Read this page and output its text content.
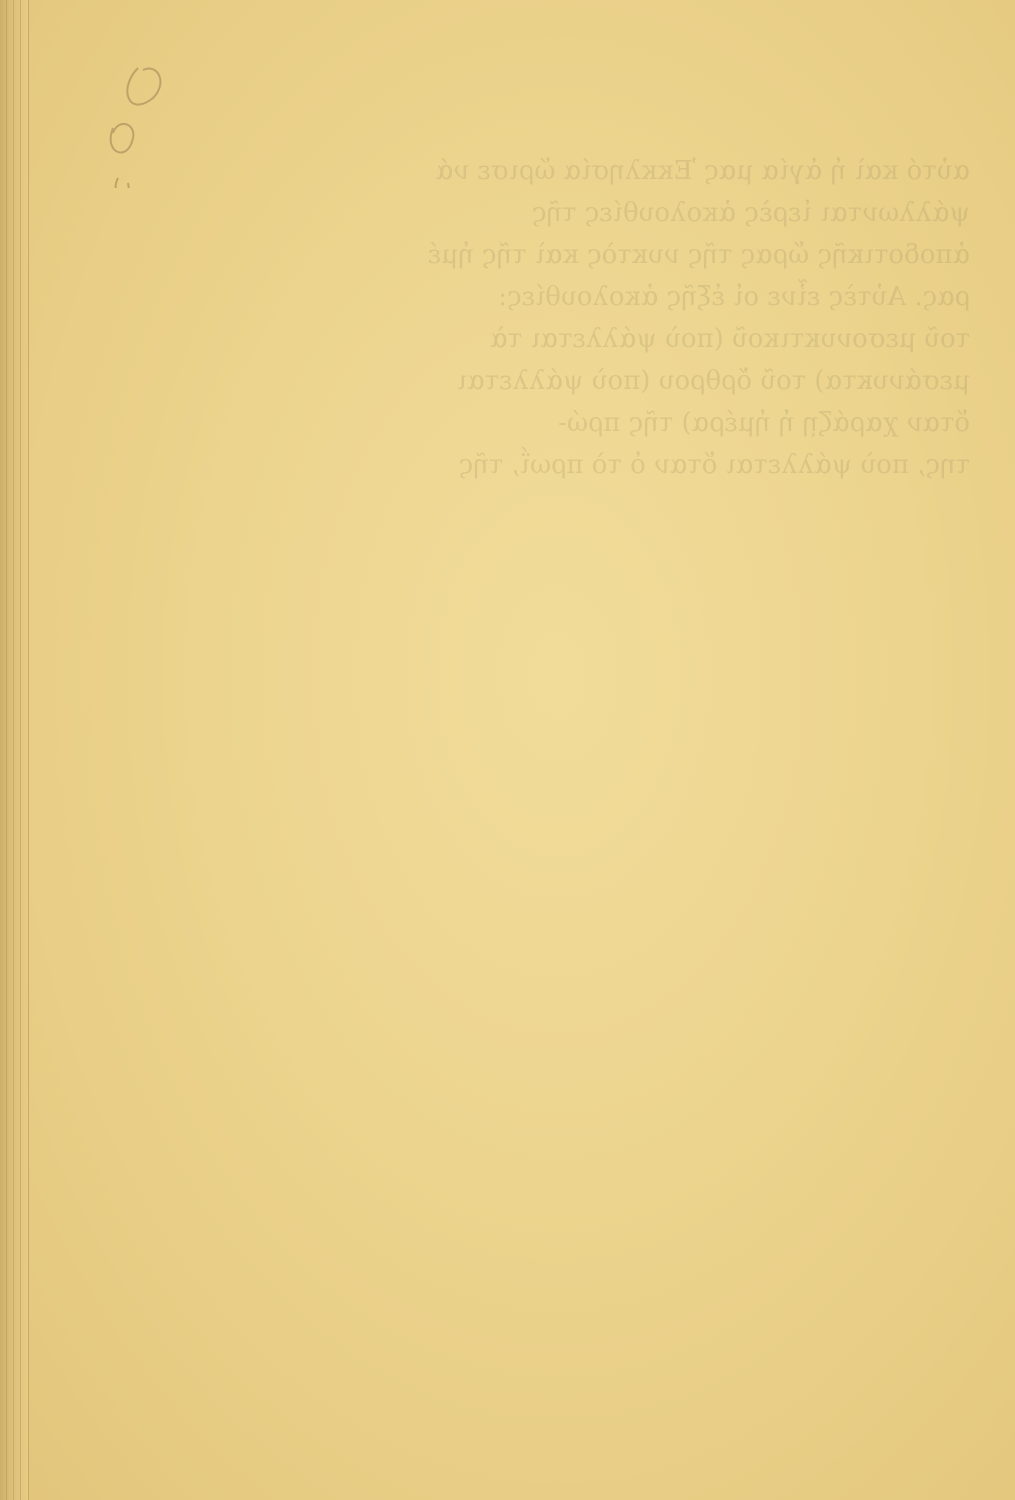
αὐτό καὶ ἡ ἁγία μας Ἐκκλησία ὥρισε νά
ψάλλωνται ἱερὲς ἀκολουθίες τῆς
ἀποδοτικῆς ὥρας τῆς νυκτὸς καὶ τῆς ἡμέ
ρας. Αὐτὲς εἶνε οἱ ἑξῆς ἀκολουθίες:
τοῦ μεσονυκτικοῦ (ποὺ ψάλλεται τὰ
μεσάνυκτα) τοῦ ὄρθρου (ποὺ ψάλλεται
ὅταν χαράζῃ ἡ ἡμέρα) τῆς πρώ-
της, ποὺ ψάλλεται ὅταν ὁ τὸ πρωΐ, τῆς
